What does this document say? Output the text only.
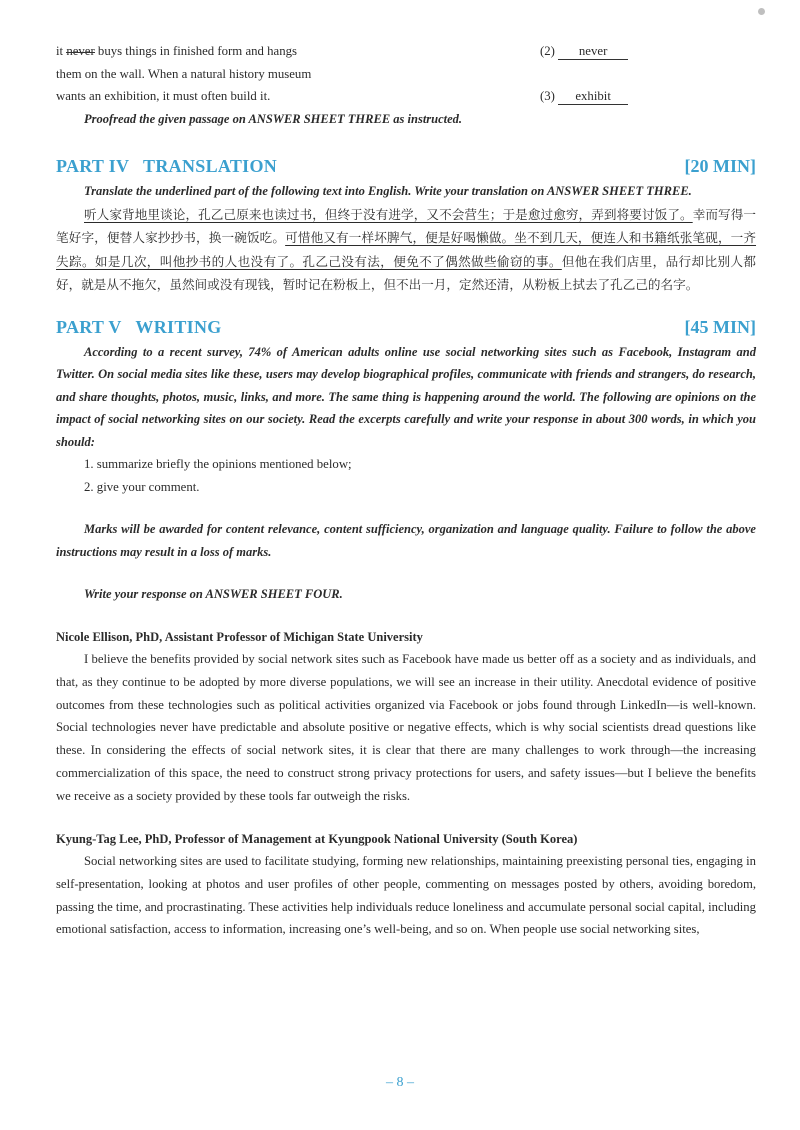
it never buys things in finished form and hangs	(2) never
them on the wall. When a natural history museum
wants an exhibition, it must often build it.	(3) exhibit
Proofread the given passage on ANSWER SHEET THREE as instructed.
PART IV   TRANSLATION	[20 MIN]
Translate the underlined part of the following text into English. Write your translation on ANSWER SHEET THREE.

听人家背地里谈论，孔乙己原来也读过书，但终于没有进学，又不会营生；于是愈过愈穷，弄到将要讨饭了。幸而写得一笔好字，便替人家抄抄书，换一碗饭吃。可惜他又有一样坏脾气，便是好喝懒做。坐不到几天，便连人和书籍纸张笔砚，一齐失踪。如是几次，叫他抄书的人也没有了。孔乙己没有法，便免不了偶然做些偷窃的事。但他在我们店里，品行却比别人都好，就是从不拖欠，虽然间或没有现钱，暂时记在粉板上，但不出一月，定然还清，从粉板上拭去了孔乙己的名字。

PART V   WRITING	[45 MIN]
According to a recent survey, 74% of American adults online use social networking sites such as Facebook, Instagram and Twitter. On social media sites like these, users may develop biographical profiles, communicate with friends and strangers, do research, and share thoughts, photos, music, links, and more. The same thing is happening around the world. The following are opinions on the impact of social networking sites on our society. Read the excerpts carefully and write your response in about 300 words, in which you should:
1. summarize briefly the opinions mentioned below;
2. give your comment.
Marks will be awarded for content relevance, content sufficiency, organization and language quality. Failure to follow the above instructions may result in a loss of marks.
Write your response on ANSWER SHEET FOUR.
Nicole Ellison, PhD, Assistant Professor of Michigan State University
I believe the benefits provided by social network sites such as Facebook have made us better off as a society and as individuals, and that, as they continue to be adopted by more diverse populations, we will see an increase in their utility. Anecdotal evidence of positive outcomes from these technologies such as political activities organized via Facebook or jobs found through LinkedIn—is well-known. Social technologies never have predictable and absolute positive or negative effects, which is why social scientists dread questions like these. In considering the effects of social network sites, it is clear that there are many challenges to work through—the increasing commercialization of this space, the need to construct strong privacy protections for users, and safety issues—but I believe the benefits we receive as a society provided by these tools far outweigh the risks.
Kyung-Tag Lee, PhD, Professor of Management at Kyungpook National University (South Korea)
Social networking sites are used to facilitate studying, forming new relationships, maintaining preexisting personal ties, engaging in self-presentation, looking at photos and user profiles of other people, commenting on messages posted by others, avoiding boredom, passing the time, and procrastinating. These activities help individuals reduce loneliness and accumulate personal social capital, including emotional satisfaction, access to information, increasing one’s well-being, and so on. When people use social networking sites,
– 8 –
